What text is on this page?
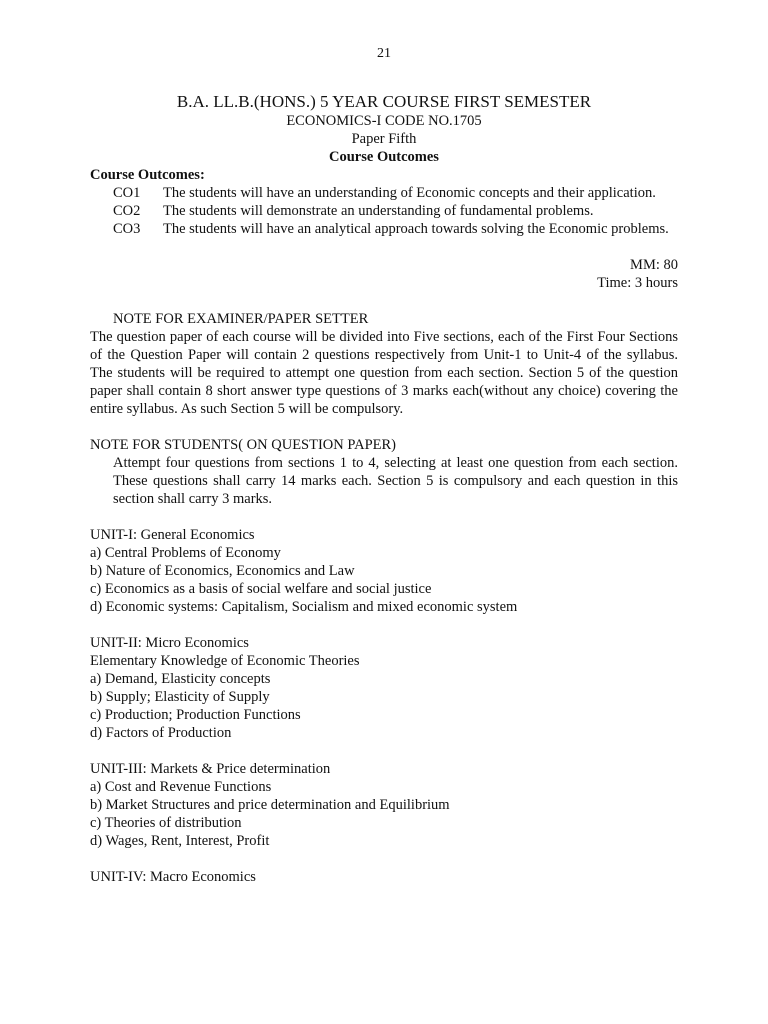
21
B.A. LL.B.(HONS.) 5 YEAR COURSE FIRST SEMESTER
ECONOMICS-I CODE NO.1705
Paper Fifth
Course Outcomes
Course Outcomes:
CO1	The students will have an understanding of Economic concepts and their application.
CO2	The students will demonstrate an understanding of fundamental problems.
CO3	The students will have an analytical approach towards solving the Economic problems.
MM: 80
Time: 3 hours
NOTE FOR EXAMINER/PAPER SETTER
The question paper of each course will be divided into Five sections, each of the First Four Sections of the Question Paper will contain 2 questions respectively from Unit-1 to Unit-4 of the syllabus. The students will be required to attempt one question from each section. Section 5 of the question paper shall contain 8 short answer type questions of 3 marks each(without any choice) covering the entire syllabus. As such Section 5 will be compulsory.
NOTE FOR STUDENTS( ON QUESTION PAPER)
Attempt four questions from sections 1 to 4, selecting at least one question from each section. These questions shall carry 14 marks each. Section 5 is compulsory and each question in this section shall carry 3 marks.
UNIT-I: General Economics
a) Central Problems of Economy
b) Nature of Economics, Economics and Law
c) Economics as a basis of social welfare and social justice
d) Economic systems: Capitalism, Socialism and mixed economic system
UNIT-II: Micro Economics
Elementary Knowledge of Economic Theories
a) Demand, Elasticity concepts
b) Supply; Elasticity of Supply
c) Production; Production Functions
d) Factors of Production
UNIT-III: Markets & Price determination
a) Cost and Revenue Functions
b) Market Structures and price determination and Equilibrium
c) Theories of distribution
d) Wages, Rent, Interest, Profit
UNIT-IV: Macro Economics
